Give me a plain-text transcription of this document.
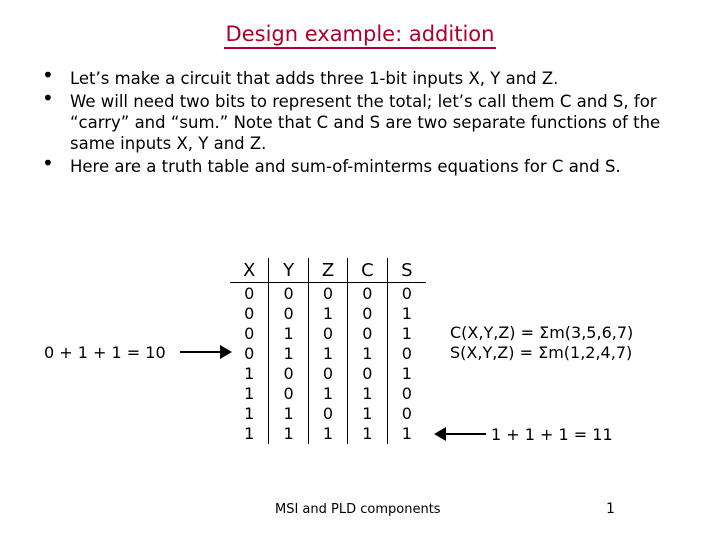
Design example: addition
• Let’s make a circuit that adds three 1-bit inputs X, Y and Z.
• We will need two bits to represent the total; let’s call them C and S, for “carry” and “sum.” Note that C and S are two separate functions of the same inputs X, Y and Z.
• Here are a truth table and sum-of-minterms equations for C and S.
X	Y	Z	C	S
0	0	0	0	0
0	0	1	0	1
0	1	0	0	1
0	1	1	1	0
1	0	0	0	1
1	0	1	1	0
1	1	0	1	0
1	1	1	1	1
0 + 1 + 1 = 10
C(X,Y,Z) = Σm(3,5,6,7)
S(X,Y,Z) = Σm(1,2,4,7)
1 + 1 + 1 = 11
MSI and PLD components	1
